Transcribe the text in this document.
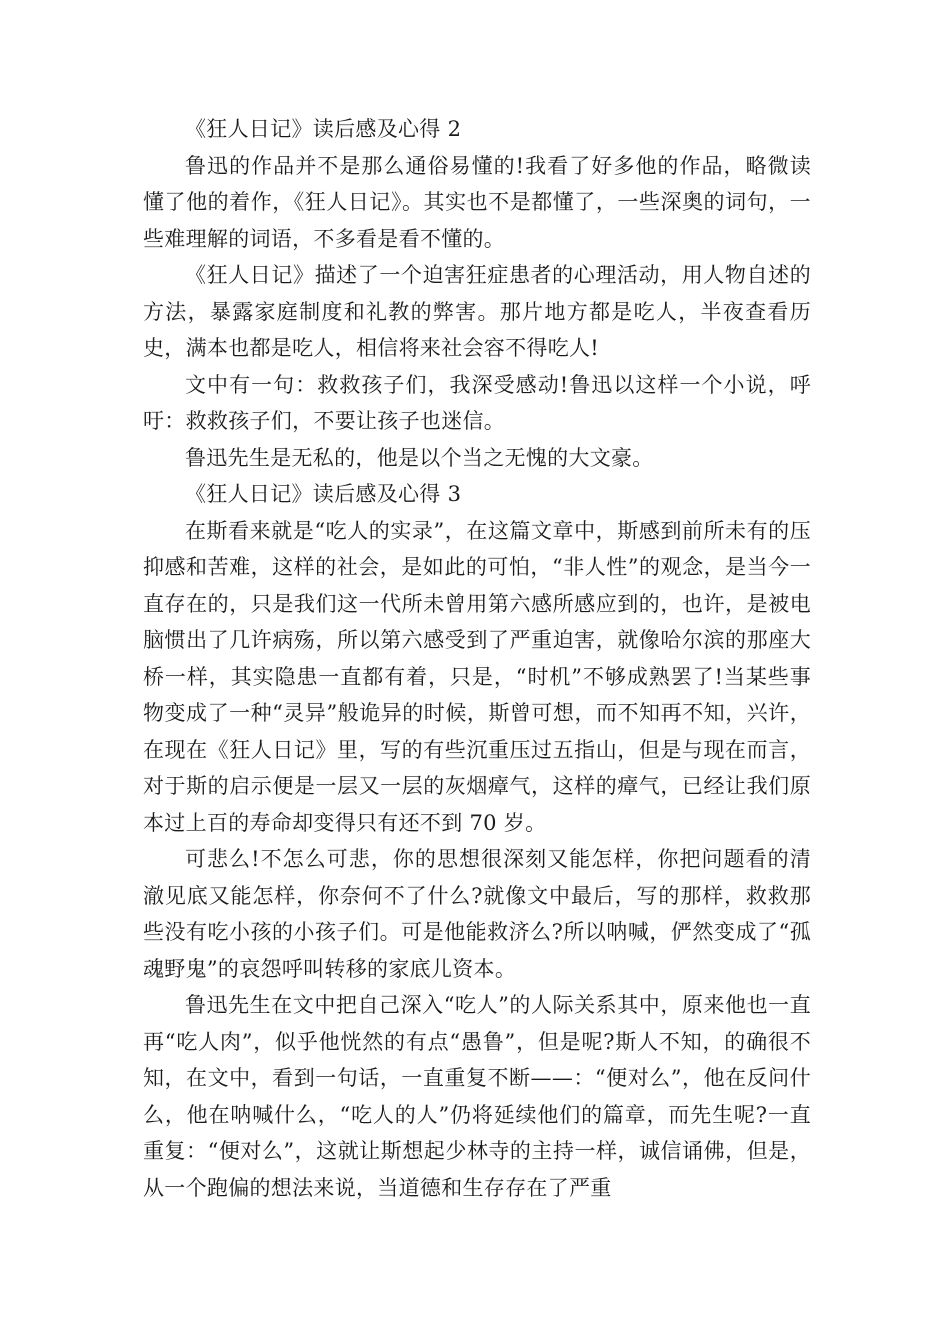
《狂人日记》读后感及心得 2

鲁迅的作品并不是那么通俗易懂的!我看了好多他的作品，略微读懂了他的着作，《狂人日记》。其实也不是都懂了，一些深奥的词句，一些难理解的词语，不多看是看不懂的。

《狂人日记》描述了一个迫害狂症患者的心理活动，用人物自述的方法，暴露家庭制度和礼教的弊害。那片地方都是吃人，半夜查看历史，满本也都是吃人，相信将来社会容不得吃人!

文中有一句：救救孩子们，我深受感动!鲁迅以这样一个小说，呼吁：救救孩子们，不要让孩子也迷信。

鲁迅先生是无私的，他是以个当之无愧的大文豪。

《狂人日记》读后感及心得 3

在斯看来就是“吃人的实录”，在这篇文章中，斯感到前所未有的压抑感和苦难，这样的社会，是如此的可怕，“非人性”的观念，是当今一直存在的，只是我们这一代所未曾用第六感所感应到的，也许，是被电脑惯出了几许病殇，所以第六感受到了严重迫害，就像哈尔滨的那座大桥一样，其实隐患一直都有着，只是，“时机”不够成熟罢了!当某些事物变成了一种“灵异”般诡异的时候，斯曾可想，而不知再不知，兴许，在现在《狂人日记》里，写的有些沉重压过五指山，但是与现在而言，对于斯的启示便是一层又一层的灰烟瘴气，这样的瘴气，已经让我们原本过上百的寿命却变得只有还不到 70 岁。

可悲么!不怎么可悲，你的思想很深刻又能怎样，你把问题看的清澈见底又能怎样，你奈何不了什么?就像文中最后，写的那样，救救那些没有吃小孩的小孩子们。可是他能救济么?所以呐喊，俨然变成了“孤魂野鬼”的哀怨呼叫转移的家底儿资本。

鲁迅先生在文中把自己深入“吃人”的人际关系其中，原来他也一直再“吃人肉”，似乎他恍然的有点“愚鲁”，但是呢?斯人不知，的确很不知，在文中，看到一句话，一直重复不断——：“便对么”，他在反问什么，他在呐喊什么，“吃人的人”仍将延续他们的篇章，而先生呢?一直重复：“便对么”，这就让斯想起少林寺的主持一样，诚信诵佛，但是，从一个跑偏的想法来说，当道德和生存存在了严重
